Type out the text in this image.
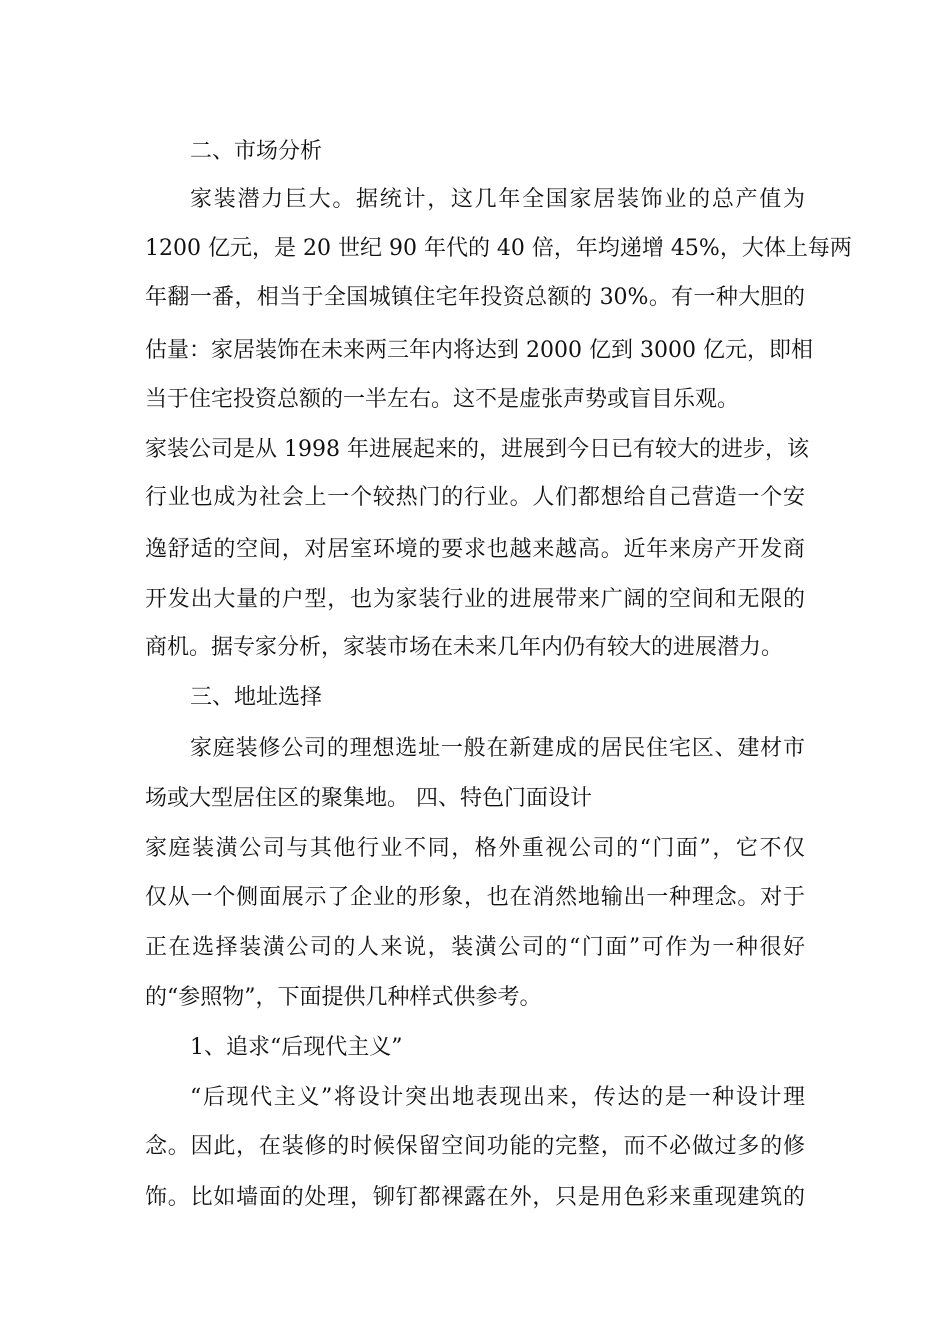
二、市场分析
家装潜力巨大。据统计，这几年全国家居装饰业的总产值为
1200 亿元，是 20 世纪 90 年代的 40 倍，年均递增 45%，大体上每两
年翻一番，相当于全国城镇住宅年投资总额的 30%。有一种大胆的
估量：家居装饰在未来两三年内将达到 2000 亿到 3000 亿元，即相
当于住宅投资总额的一半左右。这不是虚张声势或盲目乐观。
家装公司是从 1998 年进展起来的，进展到今日已有较大的进步，该
行业也成为社会上一个较热门的行业。人们都想给自己营造一个安
逸舒适的空间，对居室环境的要求也越来越高。近年来房产开发商
开发出大量的户型，也为家装行业的进展带来广阔的空间和无限的
商机。据专家分析，家装市场在未来几年内仍有较大的进展潜力。
三、地址选择
家庭装修公司的理想选址一般在新建成的居民住宅区、建材市
场或大型居住区的聚集地。 四、特色门面设计
家庭装潢公司与其他行业不同，格外重视公司的“门面”，它不仅
仅从一个侧面展示了企业的形象，也在消然地输出一种理念。对于
正在选择装潢公司的人来说，装潢公司的“门面”可作为一种很好
的“参照物”，下面提供几种样式供参考。
1、追求“后现代主义”
“后现代主义”将设计突出地表现出来，传达的是一种设计理
念。因此，在装修的时候保留空间功能的完整，而不必做过多的修
饰。比如墙面的处理，铆钉都裸露在外，只是用色彩来重现建筑的
